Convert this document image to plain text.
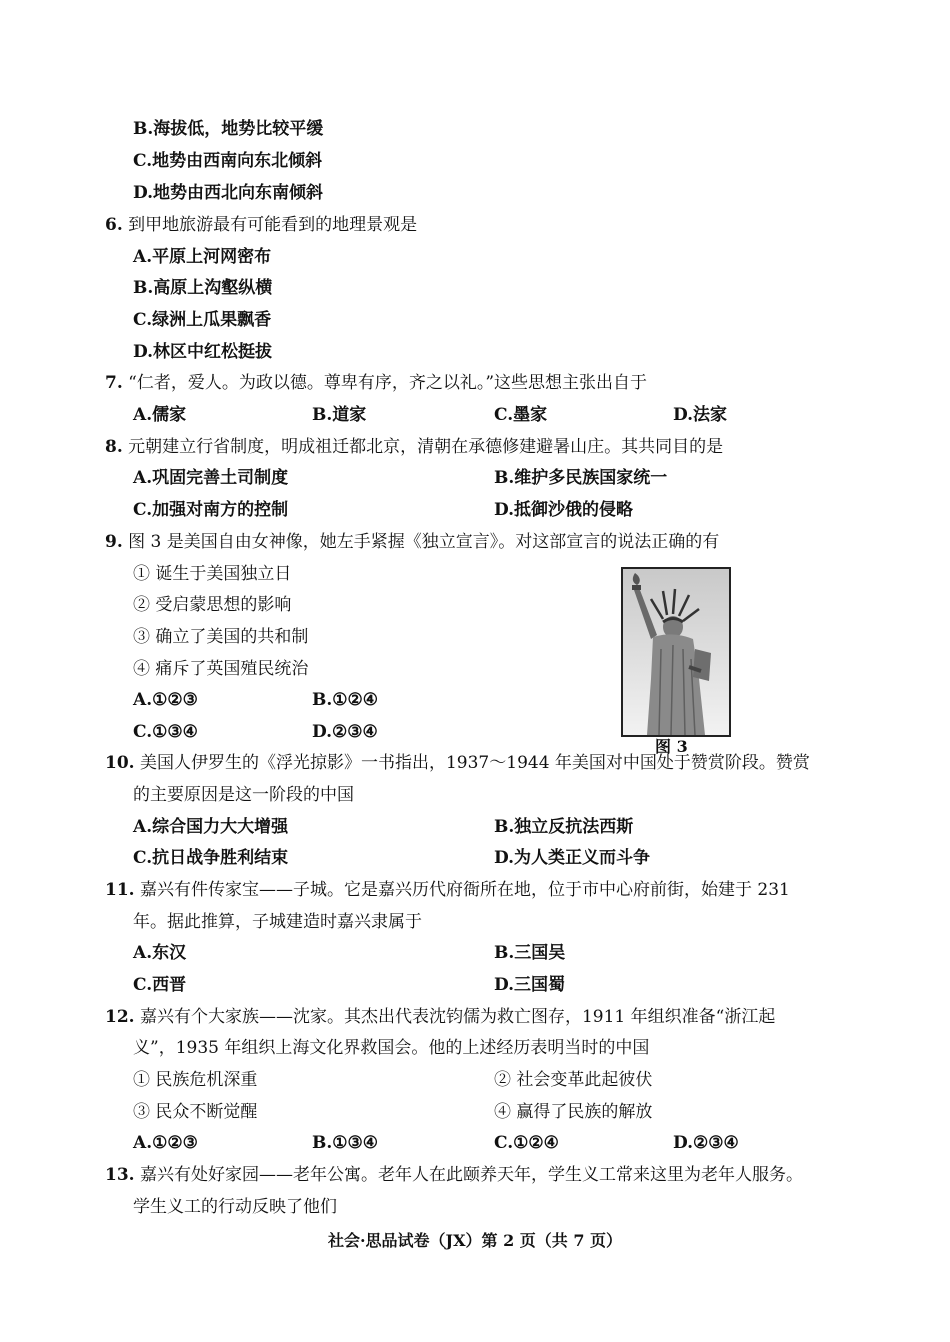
B.海拔低，地势比较平缓
C.地势由西南向东北倾斜
D.地势由西北向东南倾斜
6. 到甲地旅游最有可能看到的地理景观是
A.平原上河网密布
B.高原上沟壑纵横
C.绿洲上瓜果飘香
D.林区中红松挺拔
7. “仁者，爱人。为政以德。尊卑有序，齐之以礼。”这些思想主张出自于
A.儒家	B.道家	C.墨家	D.法家
8. 元朝建立行省制度，明成祖迁都北京，清朝在承德修建避暑山庄。其共同目的是
A.巩固完善土司制度	B.维护多民族国家统一
C.加强对南方的控制	D.抵御沙俄的侵略
9. 图 3 是美国自由女神像，她左手紧握《独立宣言》。对这部宣言的说法正确的有
① 诞生于美国独立日
② 受启蒙思想的影响
③ 确立了美国的共和制
④ 痛斥了英国殖民统治
A.①②③	B.①②④
C.①③④	D.②③④
图 3
10. 美国人伊罗生的《浮光掠影》一书指出，1937～1944 年美国对中国处于赞赏阶段。赞赏
的主要原因是这一阶段的中国
A.综合国力大大增强	B.独立反抗法西斯
C.抗日战争胜利结束	D.为人类正义而斗争
11. 嘉兴有件传家宝——子城。它是嘉兴历代府衙所在地，位于市中心府前街，始建于 231
年。据此推算，子城建造时嘉兴隶属于
A.东汉	B.三国吴
C.西晋	D.三国蜀
12. 嘉兴有个大家族——沈家。其杰出代表沈钧儒为救亡图存，1911 年组织准备“浙江起
义”，1935 年组织上海文化界救国会。他的上述经历表明当时的中国
① 民族危机深重	② 社会变革此起彼伏
③ 民众不断觉醒	④ 赢得了民族的解放
A.①②③	B.①③④	C.①②④	D.②③④
13. 嘉兴有处好家园——老年公寓。老年人在此颐养天年，学生义工常来这里为老年人服务。
学生义工的行动反映了他们
社会·思品试卷（JX）第 2 页（共 7 页）
